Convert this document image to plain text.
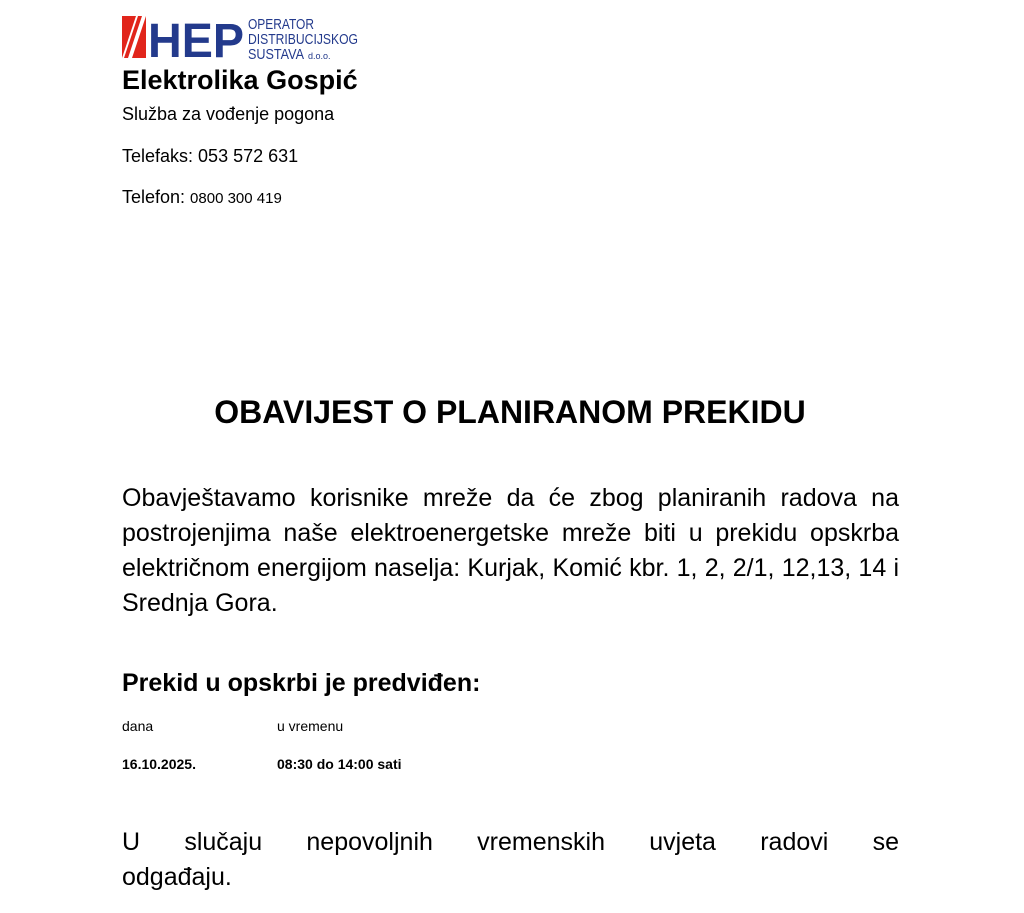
HEP OPERATOR
DISTRIBUCIJSKOG
SUSTAVA d.o.o.
Elektrolika Gospić
Služba za vođenje pogona
Telefaks: 053 572 631
Telefon: 0800 300 419
OBAVIJEST O PLANIRANOM PREKIDU
Obavještavamo korisnike mreže da će zbog planiranih radova na postrojenjima naše elektroenergetske mreže biti u prekidu opskrba električnom energijom naselja: Kurjak, Komić kbr. 1, 2, 2/1, 12,13, 14 i Srednja Gora.
Prekid u opskrbi je predviđen:
dana	u vremenu
16.10.2025.	08:30 do 14:00 sati
U slučaju nepovoljnih vremenskih uvjeta radovi se
odgađaju.
